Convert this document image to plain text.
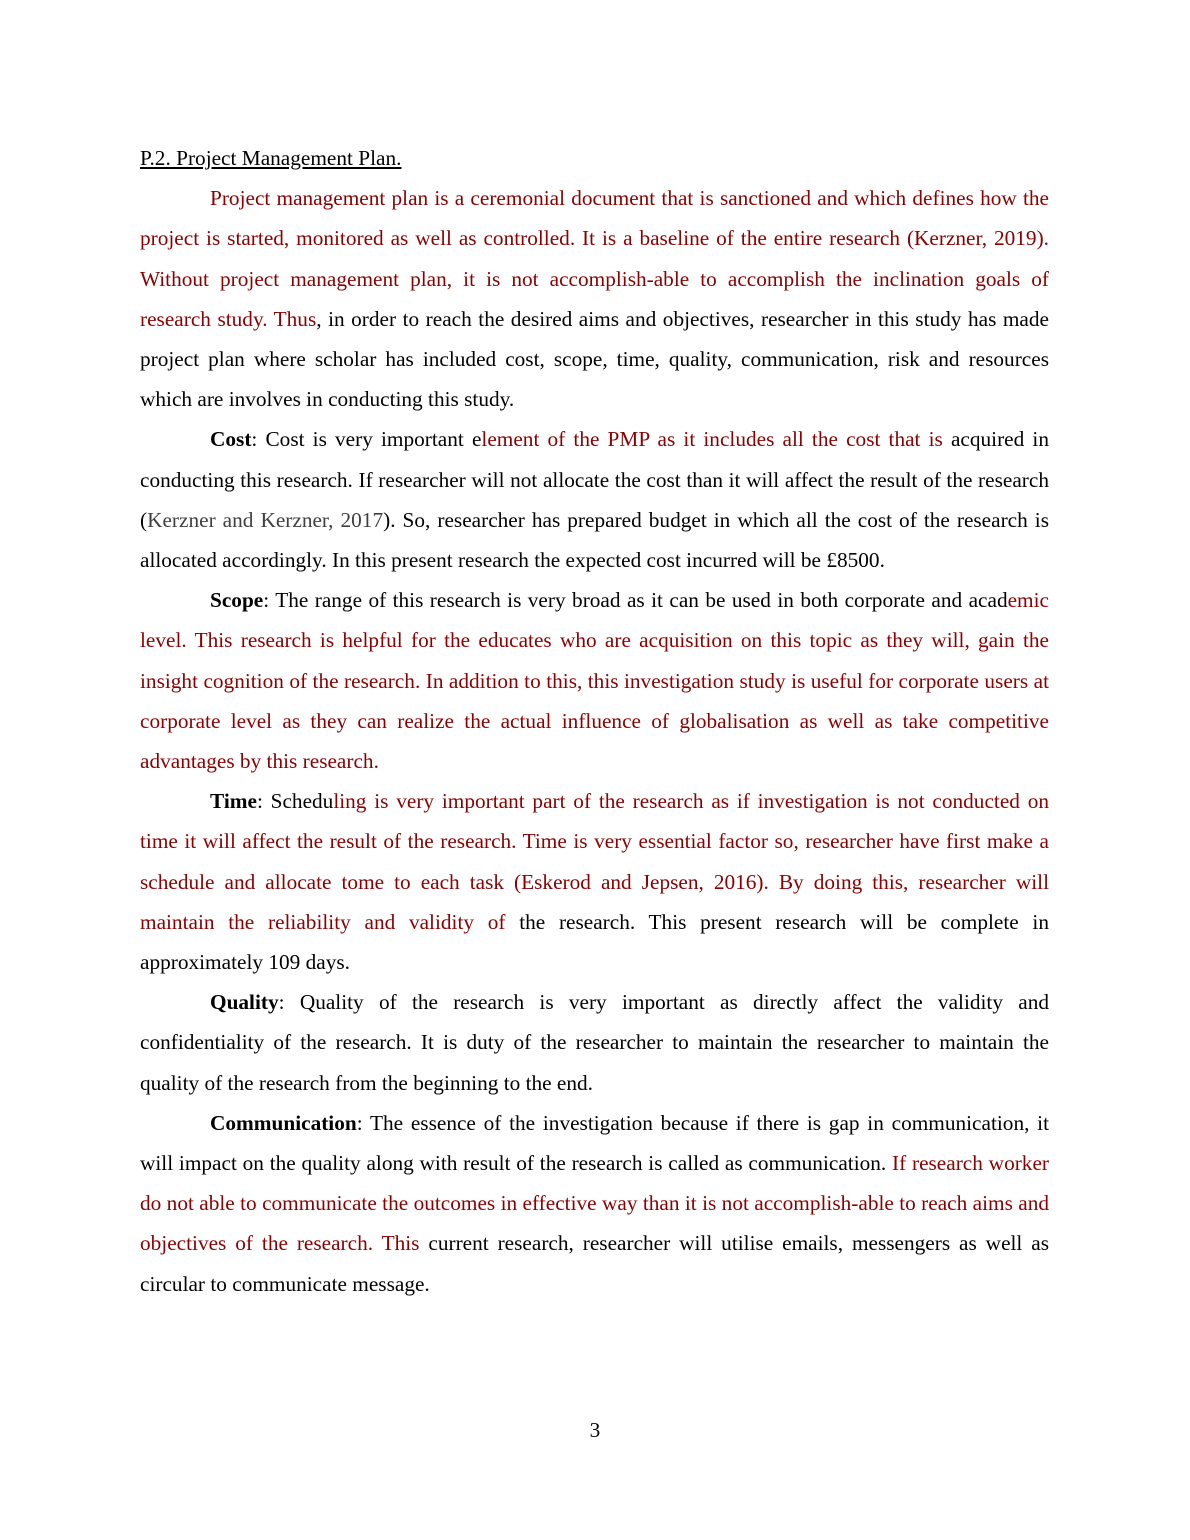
P.2. Project Management Plan.

Project management plan is a ceremonial document that is sanctioned and which defines how the project is started, monitored as well as controlled. It is a baseline of the entire research (Kerzner, 2019). Without project management plan, it is not accomplish-able to accomplish the inclination goals of research study. Thus, in order to reach the desired aims and objectives, researcher in this study has made project plan where scholar has included cost, scope, time, quality, communication, risk and resources which are involves in conducting this study.

Cost: Cost is very important element of the PMP as it includes all the cost that is acquired in conducting this research. If researcher will not allocate the cost than it will affect the result of the research (Kerzner and Kerzner, 2017). So, researcher has prepared budget in which all the cost of the research is allocated accordingly. In this present research the expected cost incurred will be £8500.

Scope: The range of this research is very broad as it can be used in both corporate and academic level. This research is helpful for the educates who are acquisition on this topic as they will, gain the insight cognition of the research. In addition to this, this investigation study is useful for corporate users at corporate level as they can realize the actual influence of globalisation as well as take competitive advantages by this research.

Time: Scheduling is very important part of the research as if investigation is not conducted on time it will affect the result of the research. Time is very essential factor so, researcher have first make a schedule and allocate tome to each task (Eskerod and Jepsen, 2016). By doing this, researcher will maintain the reliability and validity of the research. This present research will be complete in approximately 109 days.

Quality: Quality of the research is very important as directly affect the validity and confidentiality of the research. It is duty of the researcher to maintain the researcher to maintain the quality of the research from the beginning to the end.

Communication: The essence of the investigation because if there is gap in communication, it will impact on the quality along with result of the research is called as communication. If research worker do not able to communicate the outcomes in effective way than it is not accomplish-able to reach aims and objectives of the research. This current research, researcher will utilise emails, messengers as well as circular to communicate message.

3
